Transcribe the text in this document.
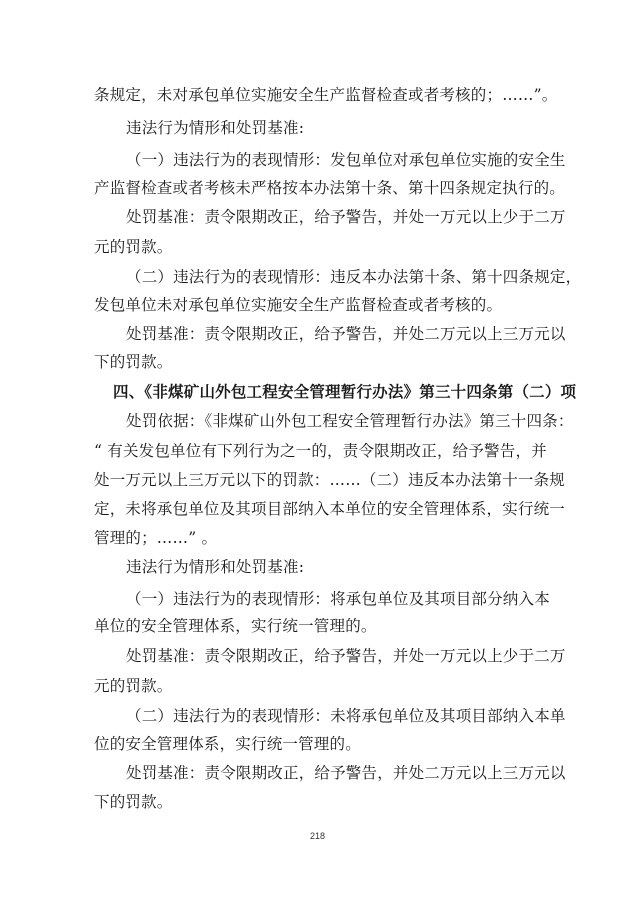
条规定，未对承包单位实施安全生产监督检查或者考核的；……”。
违法行为情形和处罚基准:
（一）违法行为的表现情形：发包单位对承包单位实施的安全生
产监督检查或者考核未严格按本办法第十条、第十四条规定执行的。
处罚基准：责令限期改正，给予警告，并处一万元以上少于二万
元的罚款。
（二）违法行为的表现情形：违反本办法第十条、第十四条规定，
发包单位未对承包单位实施安全生产监督检查或者考核的。
处罚基准：责令限期改正，给予警告，并处二万元以上三万元以
下的罚款。
四、《非煤矿山外包工程安全管理暂行办法》第三十四条第（二）项
处罚依据：《非煤矿山外包工程安全管理暂行办法》第三十四条：
“ 有关发包单位有下列行为之一的，责令限期改正，给予警告，并
处一万元以上三万元以下的罚款：……（二）违反本办法第十一条规
定，未将承包单位及其项目部纳入本单位的安全管理体系，实行统一
管理的；……” 。
违法行为情形和处罚基准:
（一）违法行为的表现情形：将承包单位及其项目部分纳入本
单位的安全管理体系，实行统一管理的。
处罚基准：责令限期改正，给予警告，并处一万元以上少于二万
元的罚款。
（二）违法行为的表现情形：未将承包单位及其项目部纳入本单
位的安全管理体系，实行统一管理的。
处罚基准：责令限期改正，给予警告，并处二万元以上三万元以
下的罚款。
218
